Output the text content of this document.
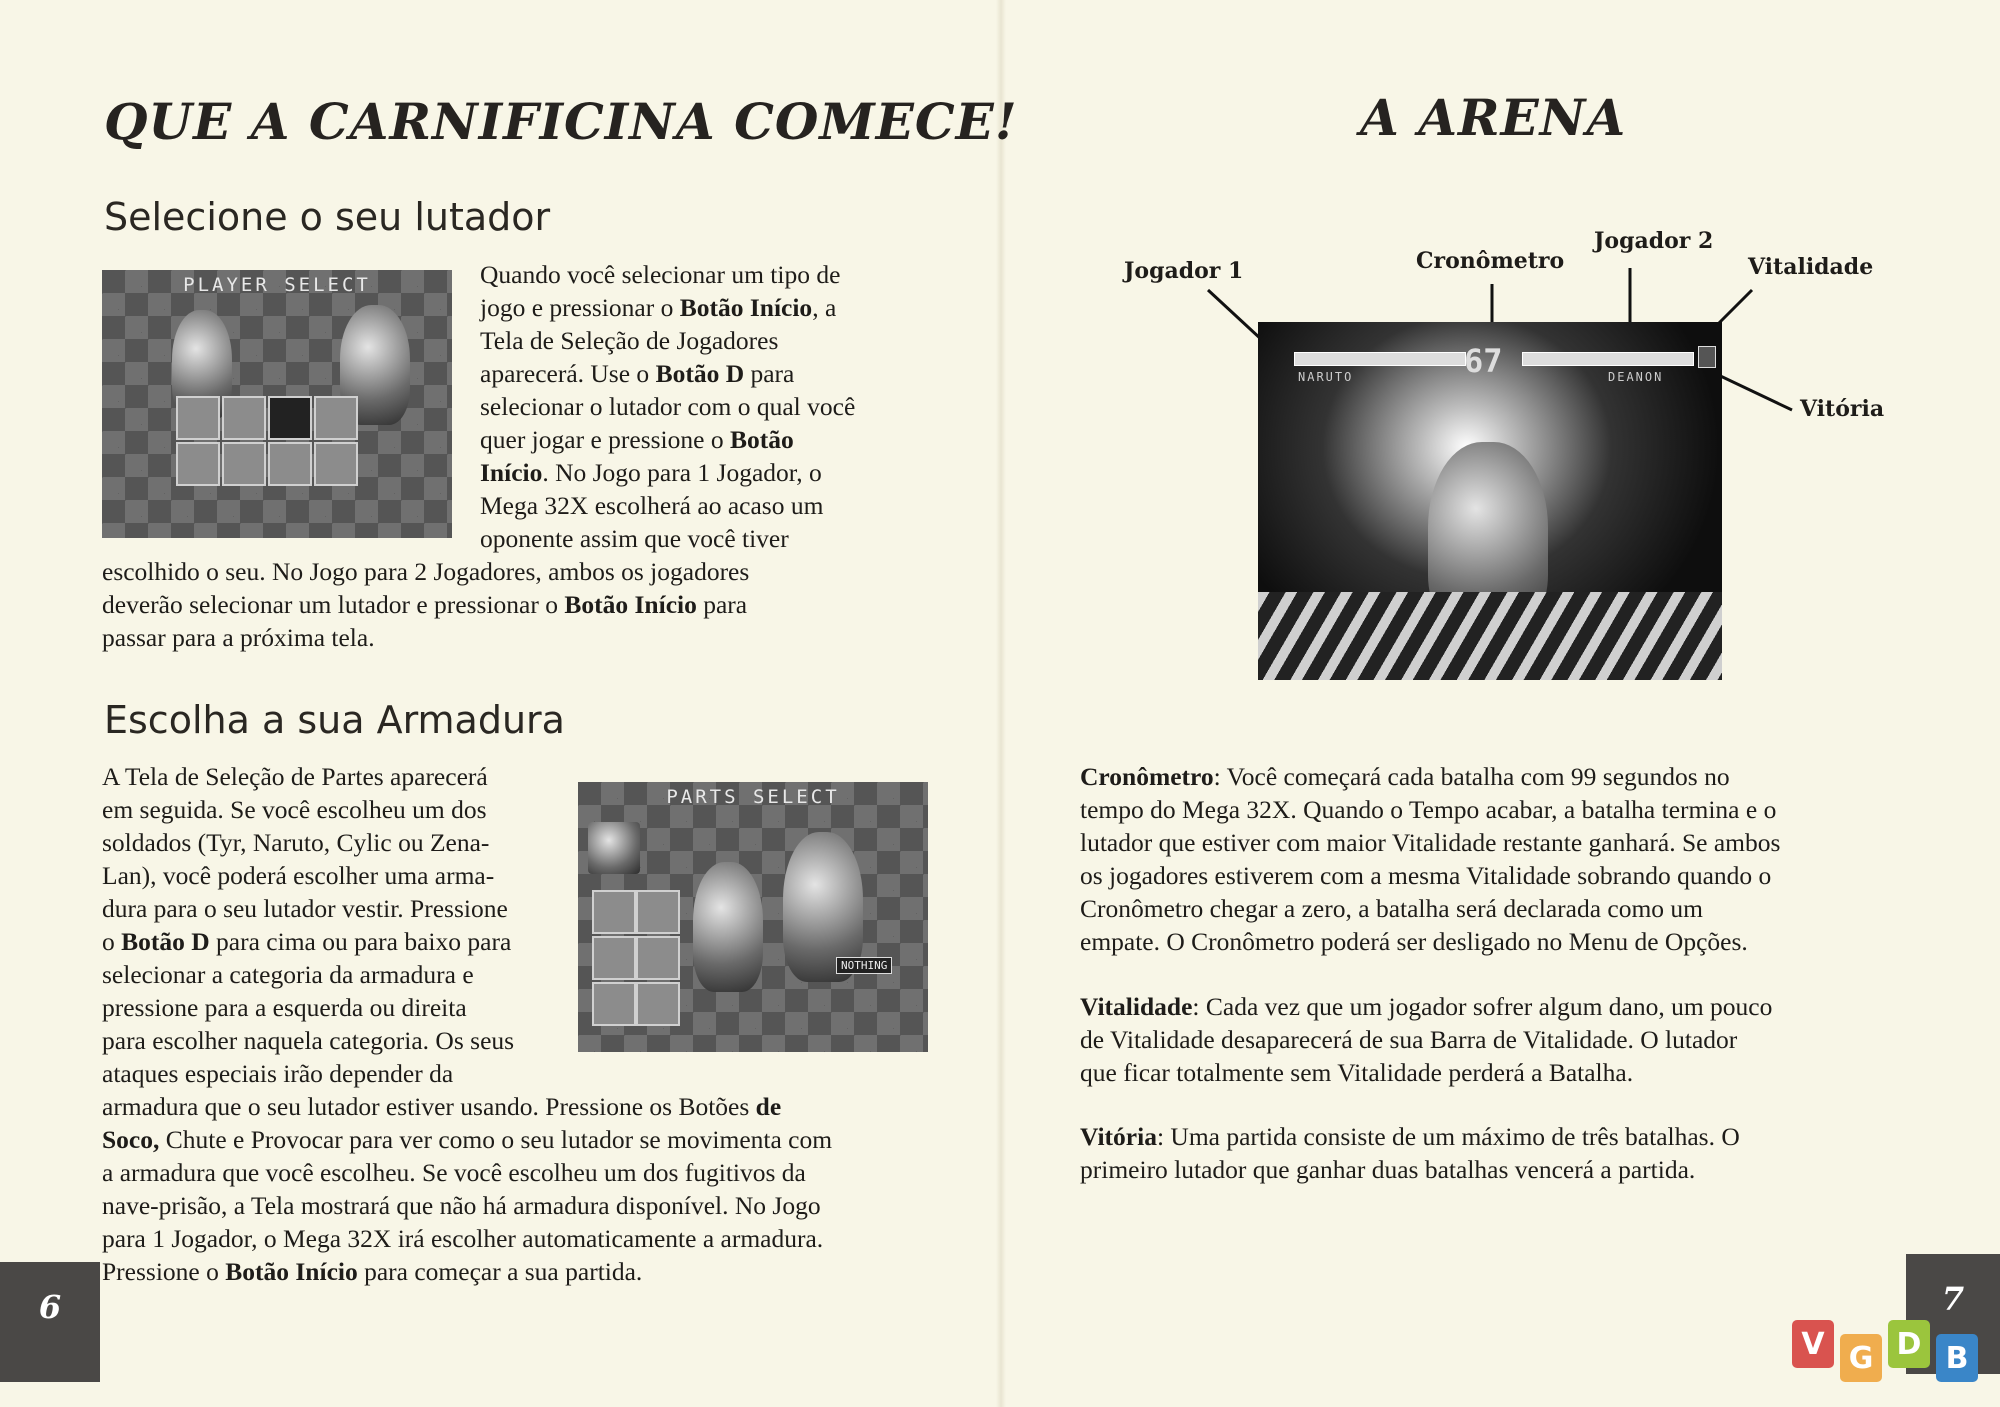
QUE A CARNIFICINA COMECE!
Selecione o seu lutador
PLAYER SELECT	Quando você selecionar um tipo de
jogo e pressionar o Botão Início, a
Tela de Seleção de Jogadores
aparecerá. Use o Botão D para
selecionar o lutador com o qual você
quer jogar e pressione o Botão
Início. No Jogo para 1 Jogador, o
Mega 32X escolherá ao acaso um
oponente assim que você tiver
escolhido o seu. No Jogo para 2 Jogadores, ambos os jogadores
deverão selecionar um lutador e pressionar o Botão Início para
passar para a próxima tela.
Escolha a sua Armadura
A Tela de Seleção de Partes aparecerá
em seguida. Se você escolheu um dos
soldados (Tyr, Naruto, Cylic ou Zena-
Lan), você poderá escolher uma arma-
dura para o seu lutador vestir. Pressione
o Botão D para cima ou para baixo para
selecionar a categoria da armadura e
pressione para a esquerda ou direita
para escolher naquela categoria. Os seus
ataques especiais irão depender da
PARTS SELECT
NOTHING
armadura que o seu lutador estiver usando. Pressione os Botões de
Soco, Chute e Provocar para ver como o seu lutador se movimenta com
a armadura que você escolheu. Se você escolheu um dos fugitivos da
nave-prisão, a Tela mostrará que não há armadura disponível. No Jogo
para 1 Jogador, o Mega 32X irá escolher automaticamente a armadura.
Pressione o Botão Início para começar a sua partida.
6
A ARENA
Jogador 1	Cronômetro
Jogador 2
Vitalidade
Vitória
67
NARUTO	DEANON
Cronômetro: Você começará cada batalha com 99 segundos no
tempo do Mega 32X. Quando o Tempo acabar, a batalha termina e o
lutador que estiver com maior Vitalidade restante ganhará. Se ambos
os jogadores estiverem com a mesma Vitalidade sobrando quando o
Cronômetro chegar a zero, a batalha será declarada como um
empate. O Cronômetro poderá ser desligado no Menu de Opções.
Vitalidade: Cada vez que um jogador sofrer algum dano, um pouco
de Vitalidade desaparecerá de sua Barra de Vitalidade. O lutador
que ficar totalmente sem Vitalidade perderá a Batalha.
Vitória: Uma partida consiste de um máximo de três batalhas. O
primeiro lutador que ganhar duas batalhas vencerá a partida.
7
V G D B
